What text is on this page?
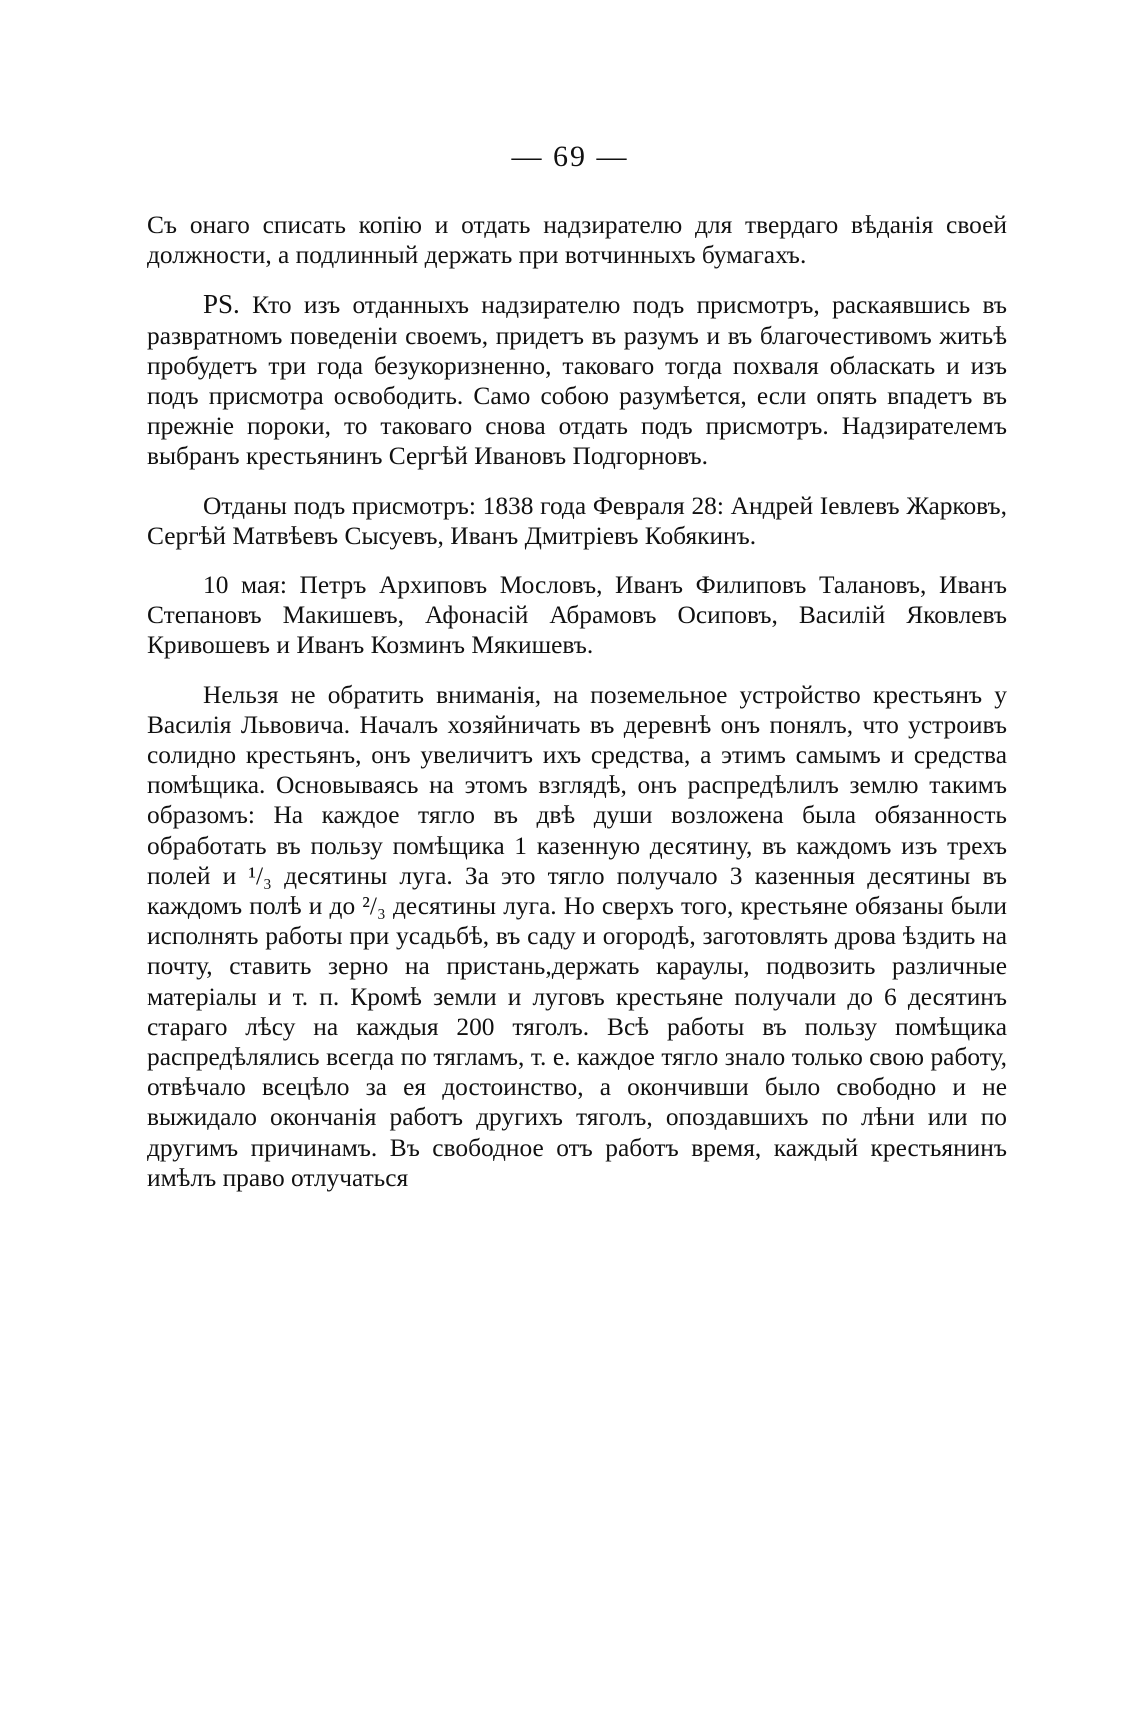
— 69 —

Съ онаго списать копію и отдать надзирателю для твердаго вѣданія своей должности, а подлинный держать при вотчинныхъ бумагахъ.

PS. Кто изъ отданныхъ надзирателю подъ присмотръ, раскаявшись въ развратномъ поведеніи своемъ, придетъ въ разумъ и въ благочестивомъ житьѣ пробудетъ три года безукоризненно, таковаго тогда похваля обласкать и изъ подъ присмотра освободить. Само собою разумѣется, если опять впадетъ въ прежніе пороки, то таковаго снова отдать подъ присмотръ. Надзирателемъ выбранъ крестьянинъ Сергѣй Ивановъ Подгорновъ.

Отданы подъ присмотръ: 1838 года Февраля 28: Андрей Іевлевъ Жарковъ, Сергѣй Матвѣевъ Сысуевъ, Иванъ Дмитріевъ Кобякинъ.

10 мая: Петръ Архиповъ Мословъ, Иванъ Филиповъ Талановъ, Иванъ Степановъ Макишевъ, Афонасій Абрамовъ Осиповъ, Василій Яковлевъ Кривошевъ и Иванъ Козминъ Мякишевъ.

Нельзя не обратить вниманія, на поземельное устройство крестьянъ у Василія Львовича. Началъ хозяйничать въ деревнѣ онъ понялъ, что устроивъ солидно крестьянъ, онъ увеличитъ ихъ средства, а этимъ самымъ и средства помѣщика. Основываясь на этомъ взглядѣ, онъ распредѣлилъ землю такимъ образомъ: На каждое тягло въ двѣ души возложена была обязанность обработать въ пользу помѣщика 1 казенную десятину, въ каждомъ изъ трехъ полей и ¹/₃ десятины луга. За это тягло получало 3 казенныя десятины въ каждомъ полѣ и до ²/₃ десятины луга. Но сверхъ того, крестьяне обязаны были исполнять работы при усадьбѣ, въ саду и огородѣ, заготовлять дрова ѣздить на почту, ставить зерно на пристань,держать караулы, подвозить различные матеріалы и т. п. Кромѣ земли и луговъ крестьяне получали до 6 десятинъ стараго лѣсу на каждыя 200 тяголъ. Всѣ работы въ пользу помѣщика распредѣлялись всегда по тягламъ, т. е. каждое тягло знало только свою работу, отвѣчало всецѣло за ея достоинство, а окончивши было свободно и не выжидало окончанія работъ другихъ тяголъ, опоздавшихъ по лѣни или по другимъ причинамъ. Въ свободное отъ работъ время, каждый крестьянинъ имѣлъ право отлучаться
